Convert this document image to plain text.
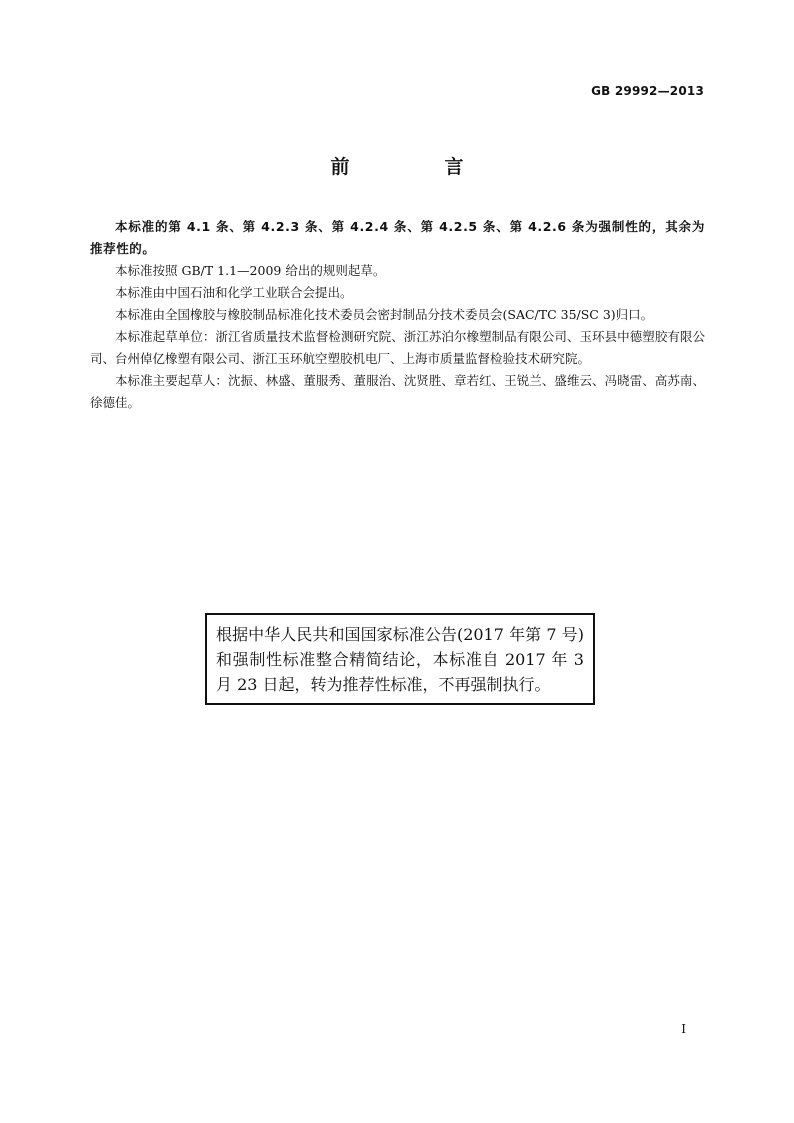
GB 29992—2013
前　言

本标准的第 4.1 条、第 4.2.3 条、第 4.2.4 条、第 4.2.5 条、第 4.2.6 条为强制性的，其余为推荐性的。

本标准按照 GB/T 1.1—2009 给出的规则起草。

本标准由中国石油和化学工业联合会提出。

本标准由全国橡胶与橡胶制品标准化技术委员会密封制品分技术委员会(SAC/TC 35/SC 3)归口。

本标准起草单位：浙江省质量技术监督检测研究院、浙江苏泊尔橡塑制品有限公司、玉环县中德塑胶有限公司、台州倬亿橡塑有限公司、浙江玉环航空塑胶机电厂、上海市质量监督检验技术研究院。

本标准主要起草人：沈振、林盛、董服秀、董服治、沈贤胜、章若红、王锐兰、盛维云、冯晓雷、高苏南、徐德佳。

根据中华人民共和国国家标准公告(2017 年第 7 号)和强制性标准整合精简结论，本标准自 2017 年 3 月 23 日起，转为推荐性标准，不再强制执行。
I
